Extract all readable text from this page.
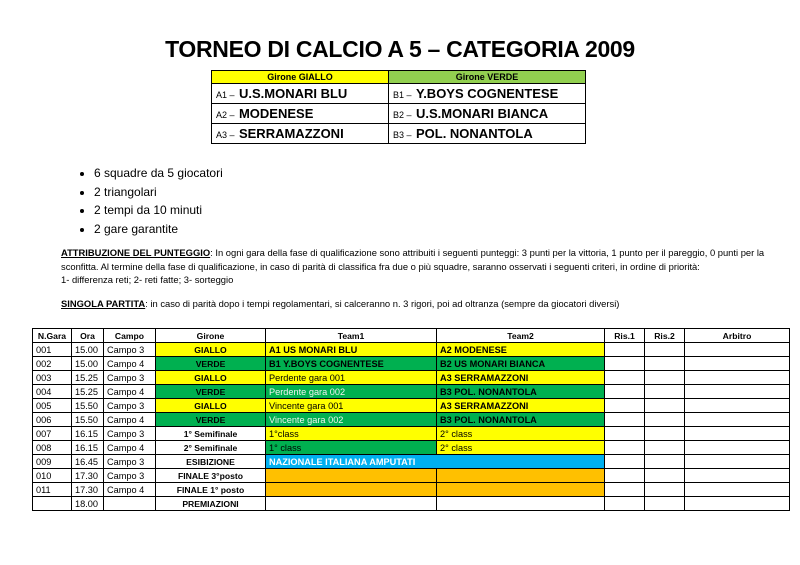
TORNEO DI CALCIO A 5 – CATEGORIA 2009
Girone GIALLO	Girone VERDE
A1 – U.S.MONARI BLU	B1 – Y.BOYS COGNENTESE
A2 – MODENESE	B2 – U.S.MONARI BIANCA
A3 – SERRAMAZZONI	B3 – POL. NONANTOLA
• 6 squadre da 5 giocatori
• 2 triangolari
• 2 tempi da 10 minuti
• 2 gare garantite
ATTRIBUZIONE DEL PUNTEGGIO: In ogni gara della fase di qualificazione sono attribuiti i seguenti punteggi: 3 punti per la vittoria, 1 punto per il pareggio, 0 punti per la sconfitta. Al termine della fase di qualificazione, in caso di parità di classifica fra due o più squadre, saranno osservati i seguenti criteri, in ordine di priorità:
1- differenza reti; 2- reti fatte; 3- sorteggio
SINGOLA PARTITA: in caso di parità dopo i tempi regolamentari, si calceranno n. 3 rigori, poi ad oltranza (sempre da giocatori diversi)
N.Gara	Ora	Campo	Girone	Team1	Team2	Ris.1	Ris.2	Arbitro
001	15.00	Campo 3	GIALLO	A1 US MONARI BLU	A2 MODENESE			
002	15.00	Campo 4	VERDE	B1 Y.BOYS COGNENTESE	B2 US MONARI BIANCA			
003	15.25	Campo 3	GIALLO	Perdente gara 001	A3 SERRAMAZZONI			
004	15.25	Campo 4	VERDE	Perdente gara 002	B3 POL. NONANTOLA			
005	15.50	Campo 3	GIALLO	Vincente gara 001	A3 SERRAMAZZONI			
006	15.50	Campo 4	VERDE	Vincente gara 002	B3 POL. NONANTOLA			
007	16.15	Campo 3	1° Semifinale	1°class	2° class			
008	16.15	Campo 4	2° Semifinale	1° class	2° class			
009	16.45	Campo 3	ESIBIZIONE	NAZIONALE ITALIANA AMPUTATI				
010	17.30	Campo 3	FINALE 3°posto					
011	17.30	Campo 4	FINALE 1° posto					
	18.00		PREMIAZIONI					
